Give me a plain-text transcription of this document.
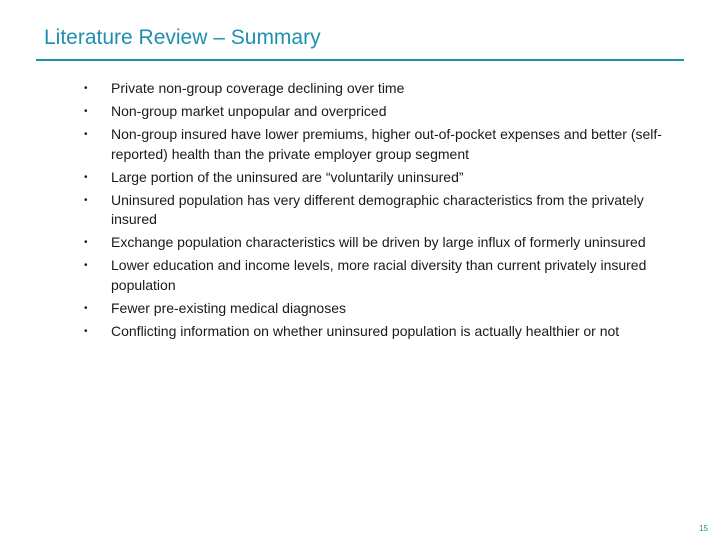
Literature Review – Summary
• Private non-group coverage declining over time
• Non-group market unpopular and overpriced
• Non-group insured have lower premiums, higher out-of-pocket expenses and better (self-reported) health than the private employer group segment
• Large portion of the uninsured are “voluntarily uninsured”
• Uninsured population has very different demographic characteristics from the privately insured
• Exchange population characteristics will be driven by large influx of formerly uninsured
• Lower education and income levels, more racial diversity than current privately insured population
• Fewer pre-existing medical diagnoses
• Conflicting information on whether uninsured population is actually healthier or not
15
